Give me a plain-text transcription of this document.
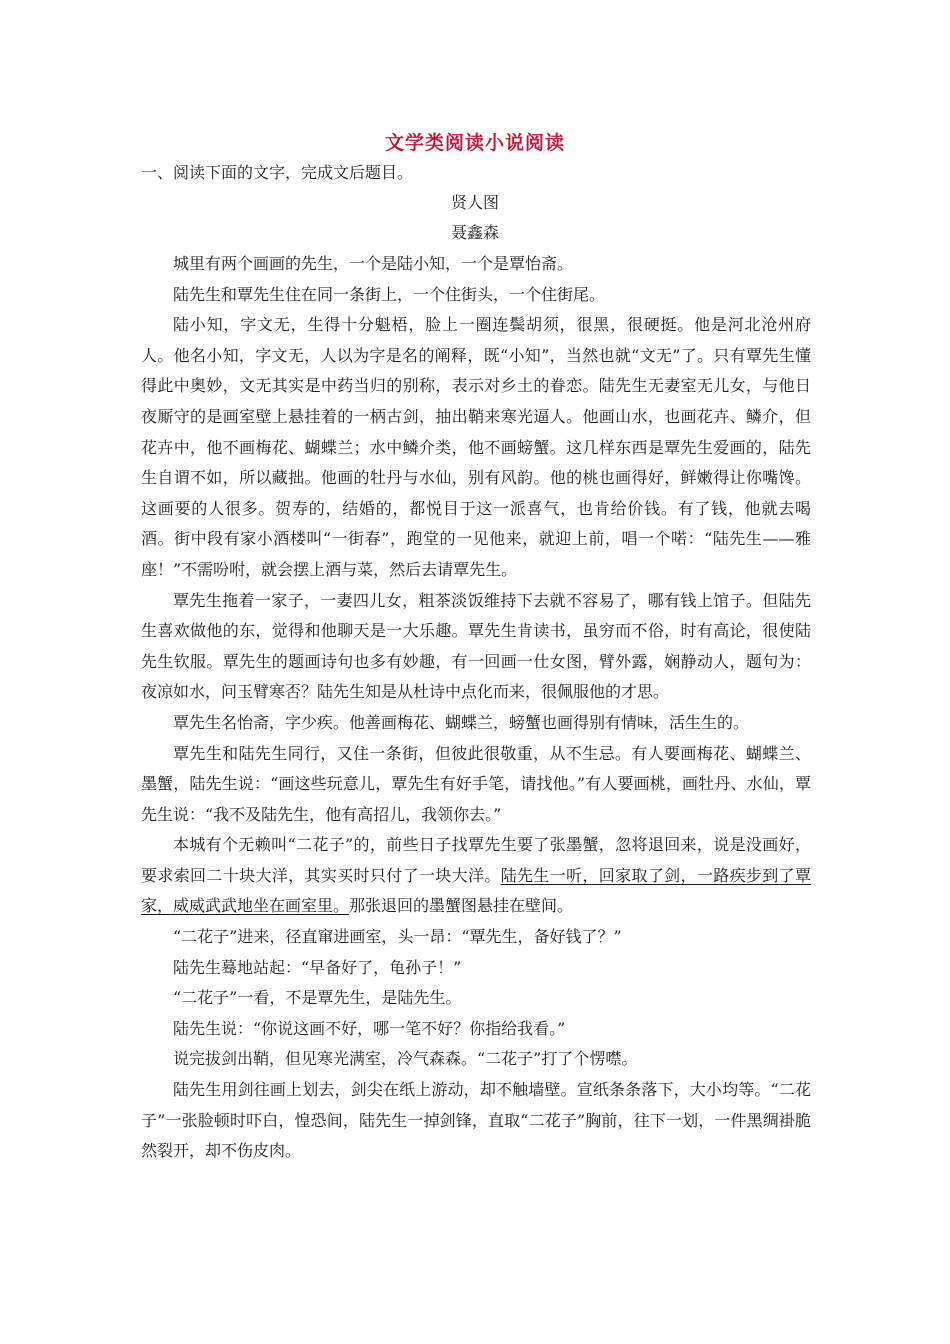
文学类阅读小说阅读
一、阅读下面的文字，完成文后题目。
贤人图
聂鑫森

城里有两个画画的先生，一个是陆小知，一个是覃怡斋。

陆先生和覃先生住在同一条街上，一个住街头，一个住街尾。

陆小知，字文无，生得十分魁梧，脸上一圈连鬓胡须，很黑，很硬挺。他是河北沧州府人。他名小知，字文无，人以为字是名的阐释，既“小知”，当然也就“文无”了。只有覃先生懂得此中奥妙，文无其实是中药当归的别称，表示对乡土的眷恋。陆先生无妻室无儿女，与他日夜厮守的是画室壁上悬挂着的一柄古剑，抽出鞘来寒光逼人。他画山水，也画花卉、鳞介，但花卉中，他不画梅花、蝴蝶兰；水中鳞介类，他不画螃蟹。这几样东西是覃先生爱画的，陆先生自谓不如，所以藏拙。他画的牡丹与水仙，别有风韵。他的桃也画得好，鲜嫩得让你嘴馋。这画要的人很多。贺寿的，结婚的，都悦目于这一派喜气，也肯给价钱。有了钱，他就去喝酒。街中段有家小酒楼叫“一街春”，跑堂的一见他来，就迎上前，唱一个喏：“陆先生——雅座！”不需吩咐，就会摆上酒与菜，然后去请覃先生。

覃先生拖着一家子，一妻四儿女，粗茶淡饭维持下去就不容易了，哪有钱上馆子。但陆先生喜欢做他的东，觉得和他聊天是一大乐趣。覃先生肯读书，虽穷而不俗，时有高论，很使陆先生钦服。覃先生的题画诗句也多有妙趣，有一回画一仕女图，臂外露，娴静动人，题句为：夜凉如水，问玉臂寒否？陆先生知是从杜诗中点化而来，很佩服他的才思。

覃先生名怡斋，字少疾。他善画梅花、蝴蝶兰，螃蟹也画得别有情味，活生生的。

覃先生和陆先生同行，又住一条街，但彼此很敬重，从不生忌。有人要画梅花、蝴蝶兰、墨蟹，陆先生说：“画这些玩意儿，覃先生有好手笔，请找他。”有人要画桃，画牡丹、水仙，覃先生说：“我不及陆先生，他有高招儿，我领你去。”

本城有个无赖叫“二花子”的，前些日子找覃先生要了张墨蟹，忽将退回来，说是没画好，要求索回二十块大洋，其实买时只付了一块大洋。陆先生一听，回家取了剑，一路疾步到了覃家，威威武武地坐在画室里。那张退回的墨蟹图悬挂在壁间。

“二花子”进来，径直窜进画室，头一昂：“覃先生，备好钱了？”

陆先生蓦地站起：“早备好了，龟孙子！”

“二花子”一看，不是覃先生，是陆先生。

陆先生说：“你说这画不好，哪一笔不好？你指给我看。”

说完拔剑出鞘，但见寒光满室，冷气森森。“二花子”打了个愣噤。

陆先生用剑往画上划去，剑尖在纸上游动，却不触墙壁。宣纸条条落下，大小均等。“二花子”一张脸顿时吓白，惶恐间，陆先生一掉剑锋，直取“二花子”胸前，往下一划，一件黑绸褂脆然裂开，却不伤皮肉。
